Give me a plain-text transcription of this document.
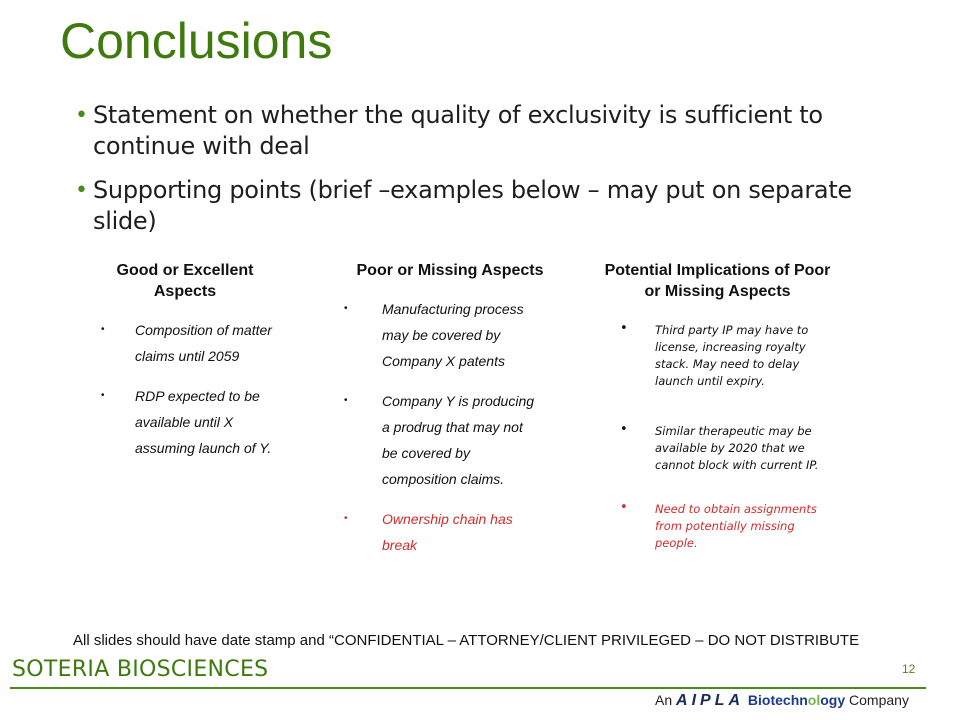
Conclusions
• Statement on whether the quality of exclusivity is sufficient to continue with deal
• Supporting points (brief –examples below – may put on separate slide)
Good or Excellent Aspects
• Composition of matter claims until 2059
• RDP expected to be available until X assuming launch of Y.
Poor or Missing Aspects
• Manufacturing process may be covered by Company X patents
• Company Y is producing a prodrug that may not be covered by composition claims.
• Ownership chain has break
Potential Implications of Poor or Missing Aspects
• Third party IP may have to license, increasing royalty stack. May need to delay launch until expiry.
• Similar therapeutic may be available by 2020 that we cannot block with current IP.
• Need to obtain assignments from potentially missing people.
All slides should have date stamp and “CONFIDENTIAL – ATTORNEY/CLIENT PRIVILEGED – DO NOT DISTRIBUTE
SOTERIA BIOSCIENCES	12
An AIPLA Biotechnology Company
